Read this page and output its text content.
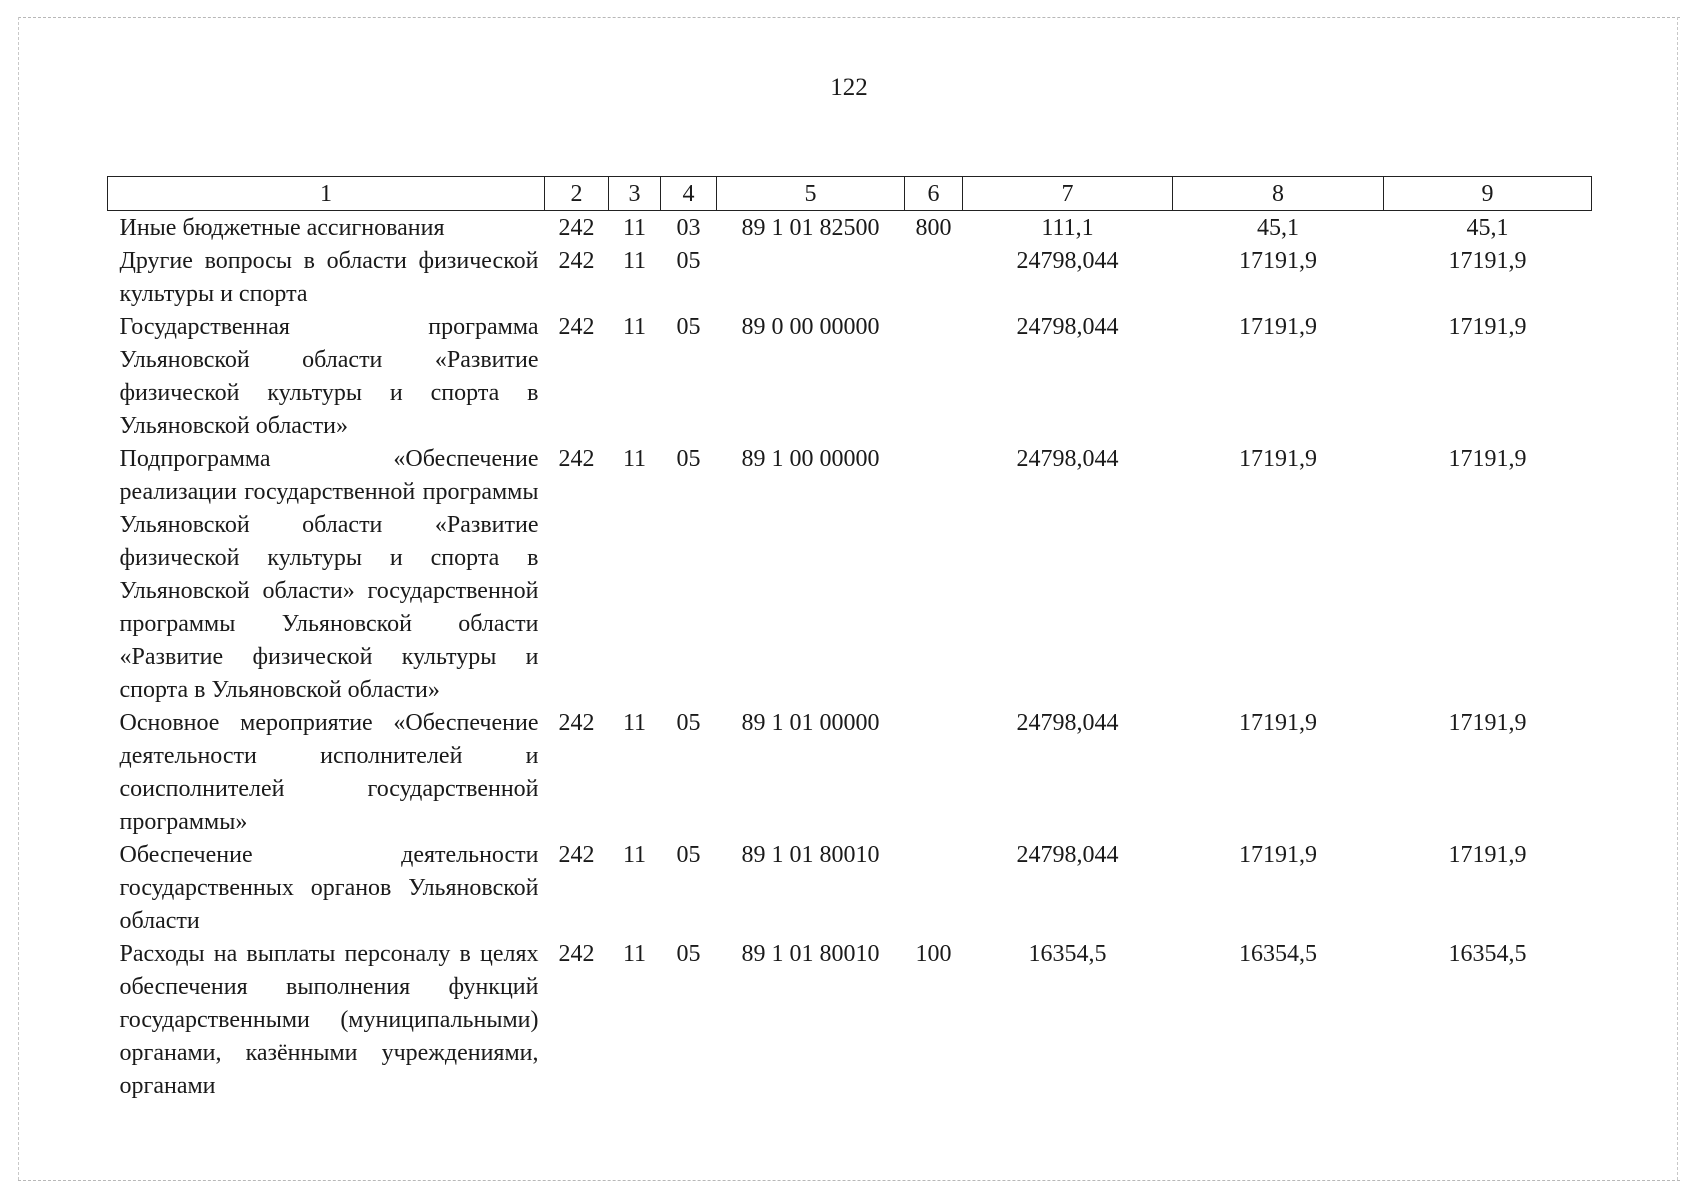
122
1	2	3	4	5	6	7	8	9
Иные бюджетные ассигнования	242	11	03	89 1 01 82500	800	111,1	45,1	45,1
Другие вопросы в области физической культуры и спорта	242	11	05			24798,044	17191,9	17191,9
Государственная программа Ульяновской области «Развитие физической культуры и спорта в Ульяновской области»	242	11	05	89 0 00 00000		24798,044	17191,9	17191,9
Подпрограмма «Обеспечение реализации государственной программы Ульяновской области «Развитие физической культуры и спорта в Ульяновской области» государственной программы Ульяновской области «Развитие физической культуры и спорта в Ульяновской области»	242	11	05	89 1 00 00000		24798,044	17191,9	17191,9
Основное мероприятие «Обеспечение деятельности исполнителей и соисполнителей государственной программы»	242	11	05	89 1 01 00000		24798,044	17191,9	17191,9
Обеспечение деятельности государственных органов Ульяновской области	242	11	05	89 1 01 80010		24798,044	17191,9	17191,9
Расходы на выплаты персоналу в целях обеспечения выполнения функций государственными (муниципальными) органами, казёнными учреждениями, органами	242	11	05	89 1 01 80010	100	16354,5	16354,5	16354,5
